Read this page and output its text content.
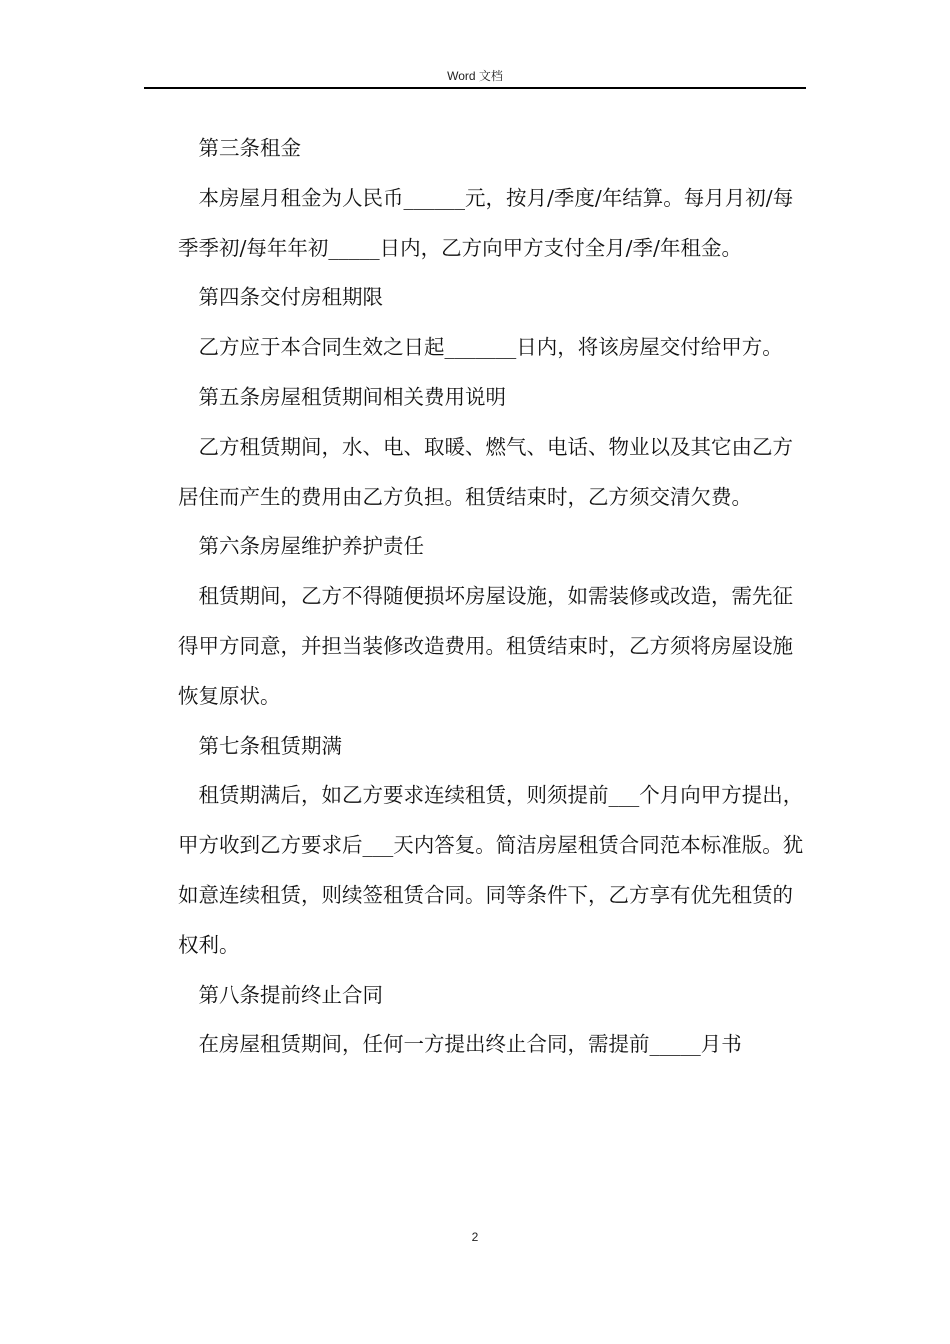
Word 文档

第三条租金

本房屋月租金为人民币______元，按月/季度/年结算。每月月初/每季季初/每年年初_____日内，乙方向甲方支付全月/季/年租金。

第四条交付房租期限

乙方应于本合同生效之日起_______日内，将该房屋交付给甲方。

第五条房屋租赁期间相关费用说明

乙方租赁期间，水、电、取暖、燃气、电话、物业以及其它由乙方居住而产生的费用由乙方负担。租赁结束时，乙方须交清欠费。

第六条房屋维护养护责任

租赁期间，乙方不得随便损坏房屋设施，如需装修或改造，需先征得甲方同意，并担当装修改造费用。租赁结束时，乙方须将房屋设施恢复原状。

第七条租赁期满

租赁期满后，如乙方要求连续租赁，则须提前___个月向甲方提出，甲方收到乙方要求后___天内答复。简洁房屋租赁合同范本标准版。犹如意连续租赁，则续签租赁合同。同等条件下，乙方享有优先租赁的权利。

第八条提前终止合同

在房屋租赁期间，任何一方提出终止合同，需提前_____月书

2
